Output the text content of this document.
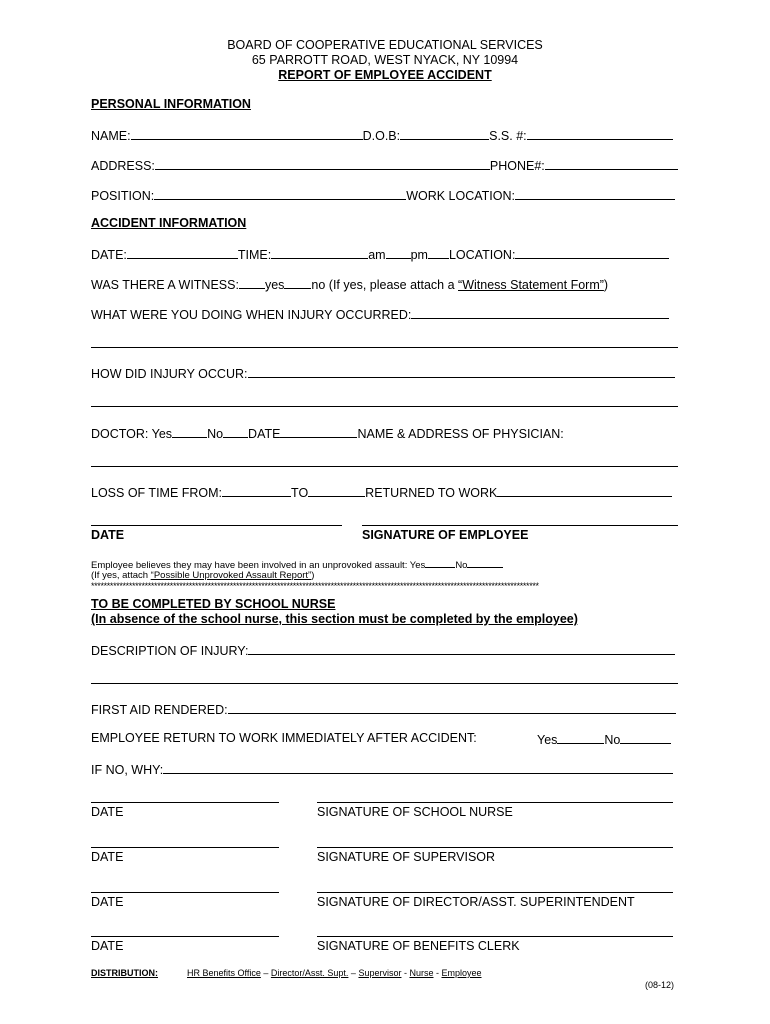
BOARD OF COOPERATIVE EDUCATIONAL SERVICES
65 PARROTT ROAD, WEST NYACK, NY 10994
REPORT OF EMPLOYEE ACCIDENT
PERSONAL INFORMATION
NAME:	D.O.B:	S.S. #:
ADDRESS:	PHONE#:
POSITION:	WORK LOCATION:
ACCIDENT INFORMATION
DATE:	TIME:	am pm LOCATION:
WAS THERE A WITNESS: yes no (If yes, please attach a “Witness Statement Form”)
WHAT WERE YOU DOING WHEN INJURY OCCURRED:
HOW DID INJURY OCCUR:
DOCTOR: Yes	No DATE	NAME & ADDRESS OF PHYSICIAN:
LOSS OF TIME FROM:	TO	RETURNED TO WORK
DATE	SIGNATURE OF EMPLOYEE
Employee believes they may have been involved in an unprovoked assault: Yes	No
(If yes, attach “Possible Unprovoked Assault Report”)
**********************************************************************************************************************************************
TO BE COMPLETED BY SCHOOL NURSE
(In absence of the school nurse, this section must be completed by the employee)
DESCRIPTION OF INJURY:
FIRST AID RENDERED:
EMPLOYEE RETURN TO WORK IMMEDIATELY AFTER ACCIDENT:	Yes	No
IF NO, WHY:
DATE	SIGNATURE OF SCHOOL NURSE
DATE	SIGNATURE OF SUPERVISOR
DATE	SIGNATURE OF DIRECTOR/ASST. SUPERINTENDENT
DATE	SIGNATURE OF BENEFITS CLERK
DISTRIBUTION:	HR Benefits Office – Director/Asst. Supt. – Supervisor - Nurse - Employee
(08-12)
